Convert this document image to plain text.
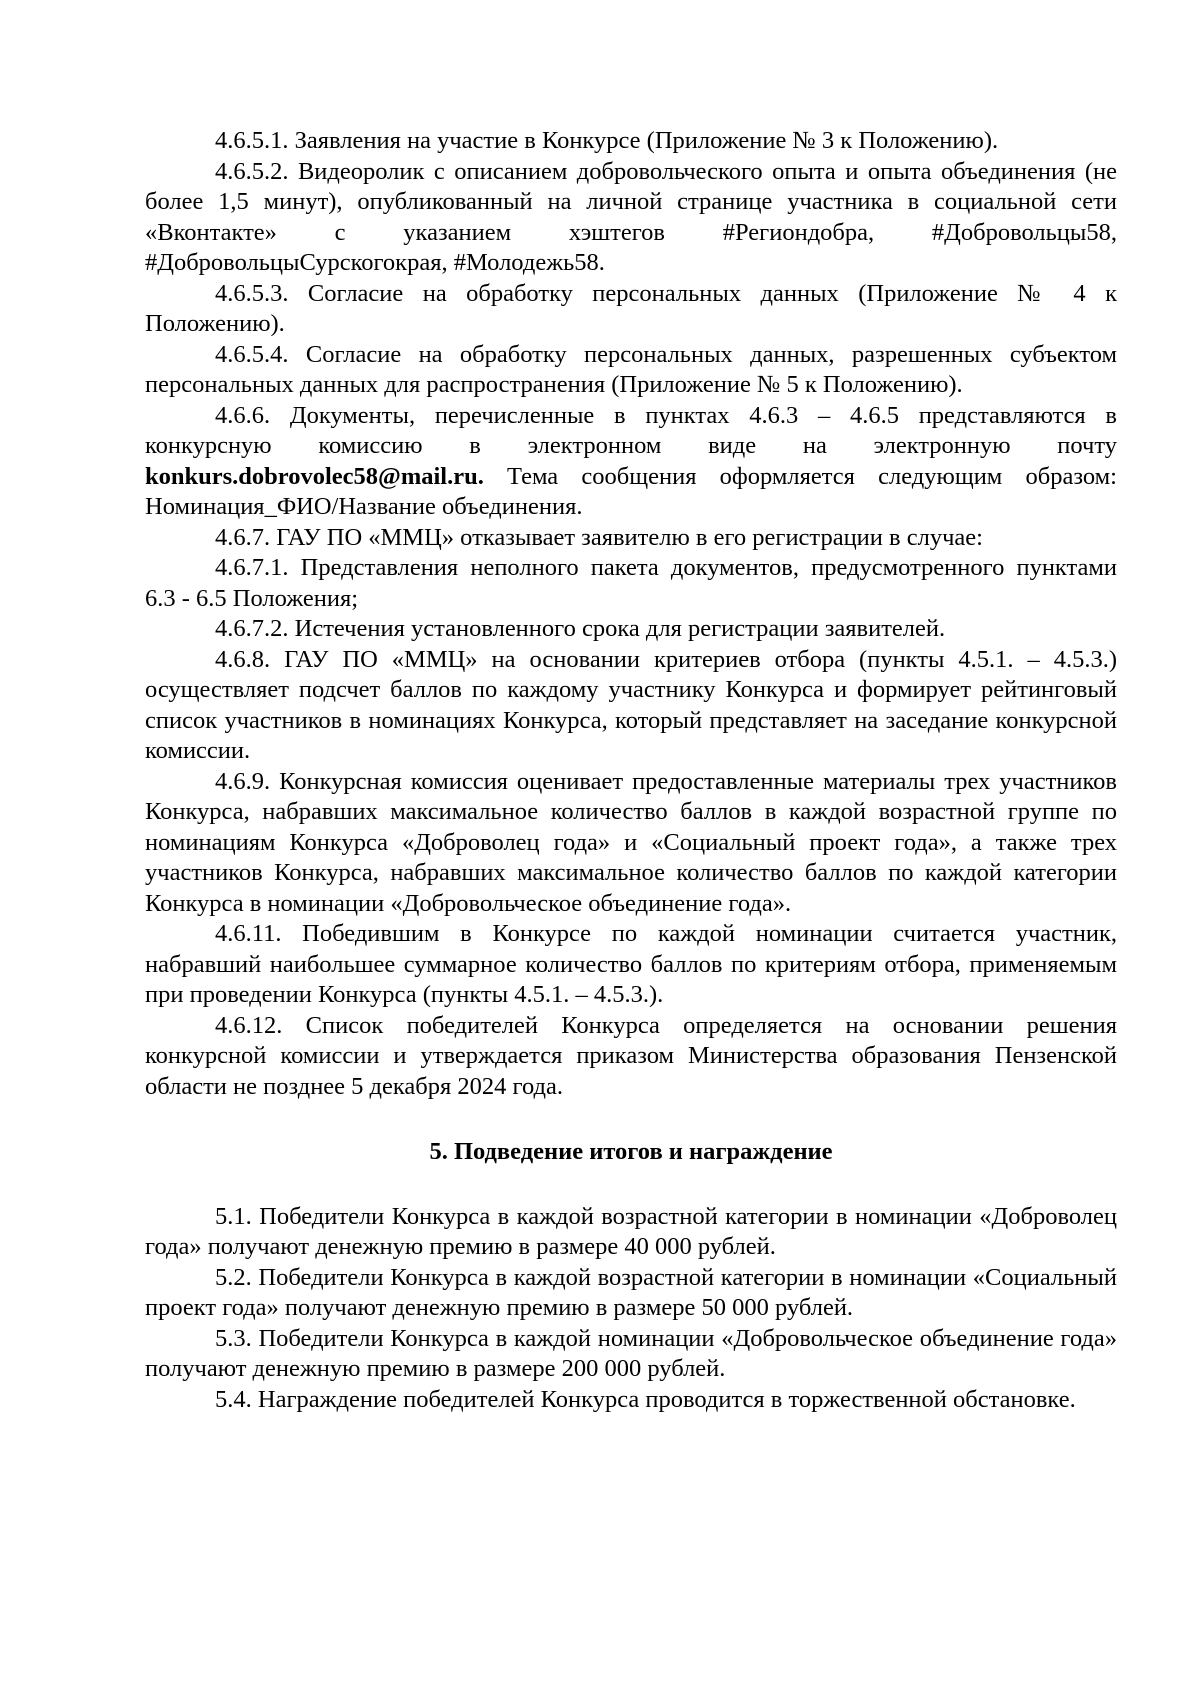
4.6.5.1. Заявления на участие в Конкурсе (Приложение № 3 к Положению).

4.6.5.2. Видеоролик с описанием добровольческого опыта и опыта объединения (не более 1,5 минут), опубликованный на личной странице участника в социальной сети «Вконтакте» с указанием хэштегов #Региондобра, #Добровольцы58, #ДобровольцыСурскогокрая, #Молодежь58.

4.6.5.3. Согласие на обработку персональных данных (Приложение № 4 к Положению).

4.6.5.4. Согласие на обработку персональных данных, разрешенных субъектом персональных данных для распространения (Приложение № 5 к Положению).

4.6.6. Документы, перечисленные в пунктах 4.6.3 – 4.6.5 представляются в конкурсную комиссию в электронном виде на электронную почту konkurs.dobrovolec58@mail.ru. Тема сообщения оформляется следующим образом: Номинация_ФИО/Название объединения.

4.6.7. ГАУ ПО «ММЦ» отказывает заявителю в его регистрации в случае:

4.6.7.1. Представления неполного пакета документов, предусмотренного пунктами 6.3 - 6.5 Положения;

4.6.7.2. Истечения установленного срока для регистрации заявителей.

4.6.8. ГАУ ПО «ММЦ» на основании критериев отбора (пункты 4.5.1. – 4.5.3.) осуществляет подсчет баллов по каждому участнику Конкурса и формирует рейтинговый список участников в номинациях Конкурса, который представляет на заседание конкурсной комиссии.

4.6.9. Конкурсная комиссия оценивает предоставленные материалы трех участников Конкурса, набравших максимальное количество баллов в каждой возрастной группе по номинациям Конкурса «Доброволец года» и «Социальный проект года», а также трех участников Конкурса, набравших максимальное количество баллов по каждой категории Конкурса в номинации «Добровольческое объединение года».

4.6.11. Победившим в Конкурсе по каждой номинации считается участник, набравший наибольшее суммарное количество баллов по критериям отбора, применяемым при проведении Конкурса (пункты 4.5.1. – 4.5.3.).

4.6.12. Список победителей Конкурса определяется на основании решения конкурсной комиссии и утверждается приказом Министерства образования Пензенской области не позднее 5 декабря 2024 года.

5. Подведение итогов и награждение

5.1. Победители Конкурса в каждой возрастной категории в номинации «Доброволец года» получают денежную премию в размере 40 000 рублей.

5.2. Победители Конкурса в каждой возрастной категории в номинации «Социальный проект года» получают денежную премию в размере 50 000 рублей.

5.3. Победители Конкурса в каждой номинации «Добровольческое объединение года» получают денежную премию в размере 200 000 рублей.

5.4. Награждение победителей Конкурса проводится в торжественной обстановке.
